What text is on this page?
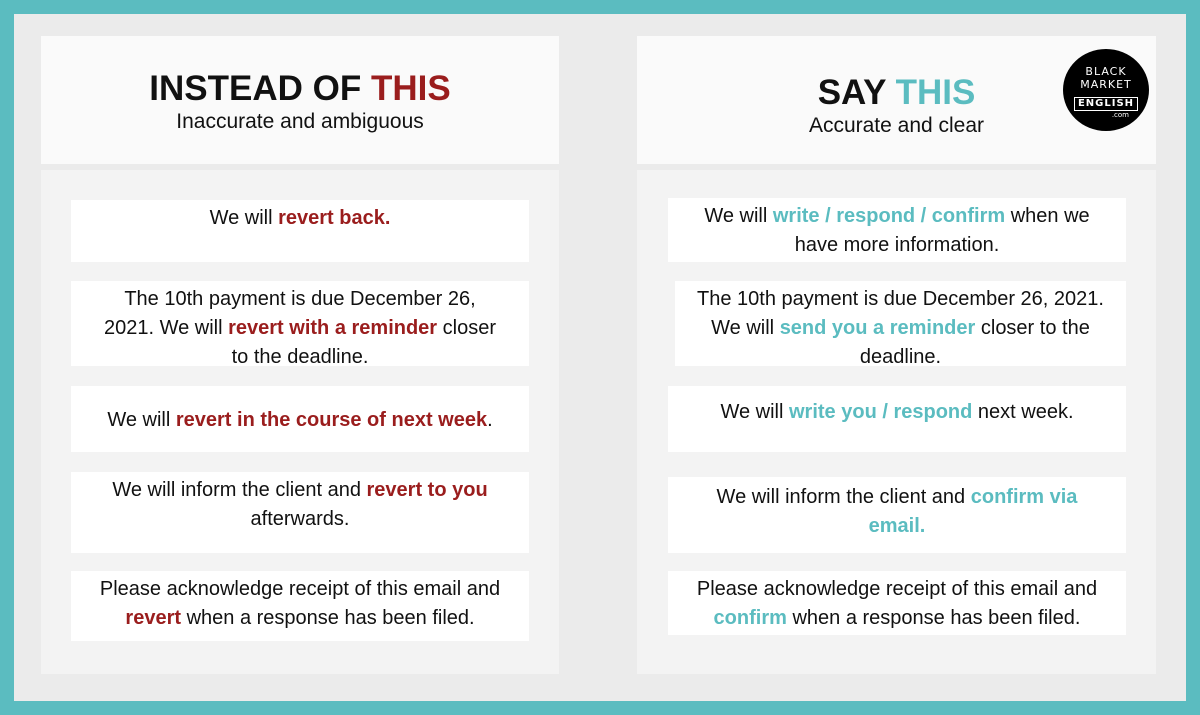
INSTEAD OF THIS
Inaccurate and ambiguous
We will revert back.
The 10th payment is due December 26, 2021. We will revert with a reminder closer to the deadline.
We will revert in the course of next week.
We will inform the client and revert to you afterwards.
Please acknowledge receipt of this email and revert when a response has been filed.
SAY THIS
Accurate and clear
BLACK
MARKET
ENGLISH
.com
We will write / respond / confirm when we have more information.
The 10th payment is due December 26, 2021. We will send you a reminder closer to the deadline.
We will write you / respond next week.
We will inform the client and confirm via email.
Please acknowledge receipt of this email and confirm when a response has been filed.
